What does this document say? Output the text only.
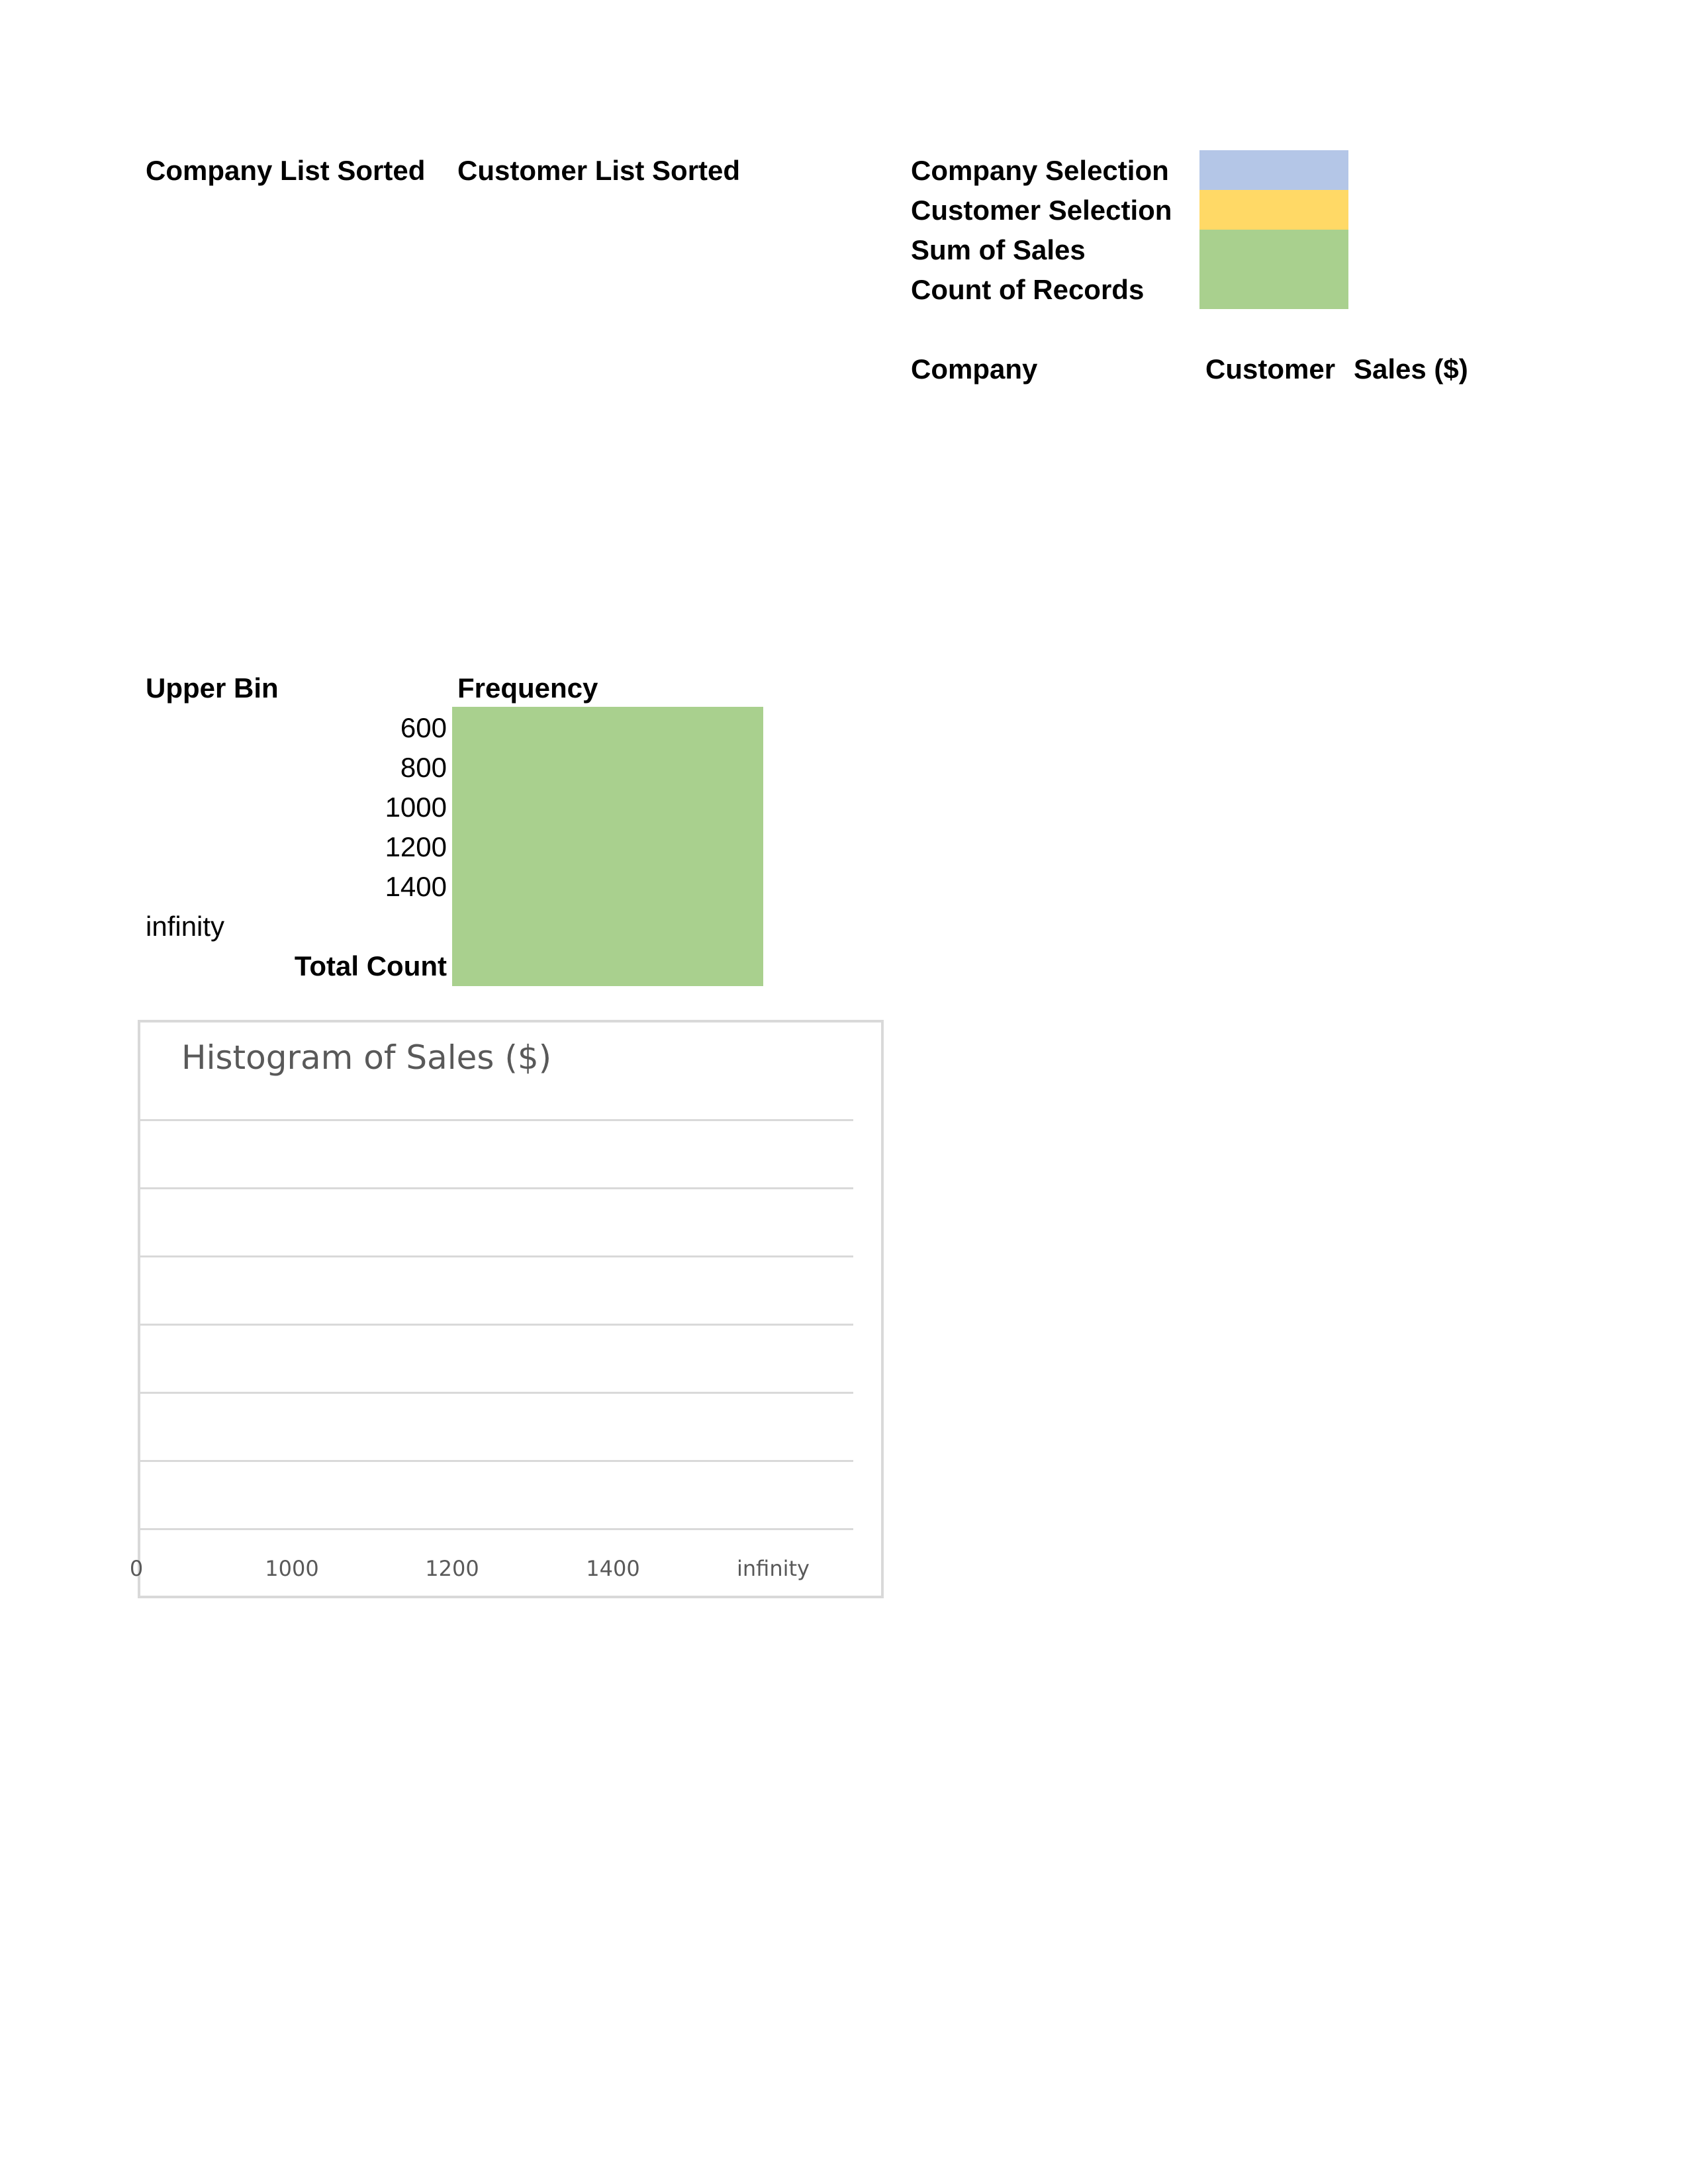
Company List Sorted Customer List Sorted	Company Selection
Customer Selection
Sum of Sales
Count of Records
Company	Customer Sales ($)
Upper Bin	Frequency
600
800
1000
1200
1400
infinity
Total Count
Histogram of Sales ($)
0	1000	1200	1400	infinity
